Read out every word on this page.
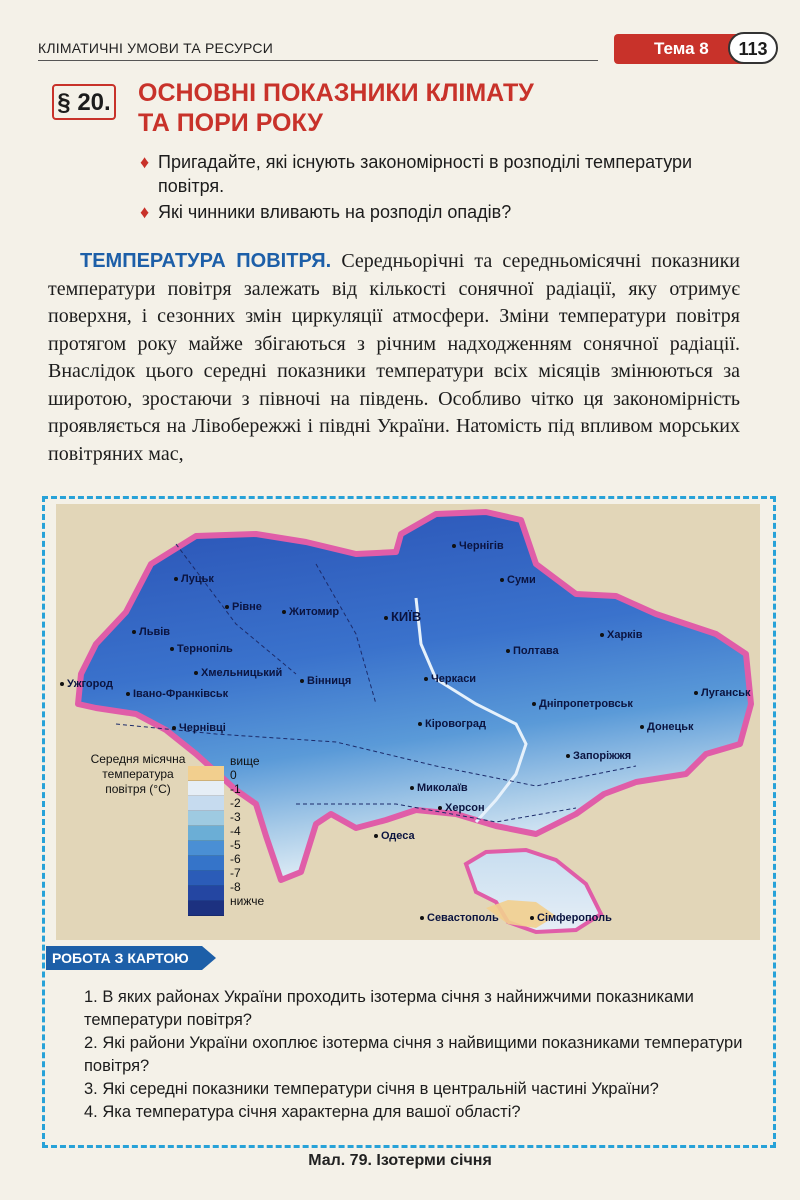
КЛІМАТИЧНІ УМОВИ ТА РЕСУРСИ	Тема 8	113
§ 20. ОСНОВНІ ПОКАЗНИКИ КЛІМАТУ
ТА ПОРИ РОКУ
♦ Пригадайте, які існують закономірності в розподілі температури повітря.
♦ Які чинники вливають на розподіл опадів?
ТЕМПЕРАТУРА ПОВІТРЯ. Середньорічні та середньомісячні показники температури повітря залежать від кількості сонячної радіації, яку отримує поверхня, і сезонних змін циркуляції атмосфери. Зміни температури повітря протягом року майже збігаються з річним надходженням сонячної радіації. Внаслідок цього середні показники температури всіх місяців змінюються за широтою, зростаючи з півночі на південь. Особливо чітко ця закономірність проявляється на Лівобережжі і півдні України. Натомість під впливом морських повітряних мас,
Чернігів
Суми
Луцьк
Рівне	Житомир	КИЇВ
Харків
Львів
Тернопіль	Полтава
Хмельницький
Вінниця	Черкаси
Ужгород
Івано-Франківськ	Луганськ
Дніпропетровськ
Чернівці	Кіровоград	Донецьк
Запоріжжя
Миколаїв
Херсон
Одеса
Севастополь	Сімферополь
Середня місячна температура повітря (°С)
вище
0
-1
-2
-3
-4
-5
-6
-7
-8
нижче
РОБОТА З КАРТОЮ

1. В яких районах України проходить ізотерма січня з найнижчими показниками температури повітря?

2. Які райони України охоплює ізотерма січня з найвищими показниками температури повітря?

3. Які середні показники температури січня в центральній частині України?

4. Яка температура січня характерна для вашої області?

Мал. 79. Ізотерми січня
